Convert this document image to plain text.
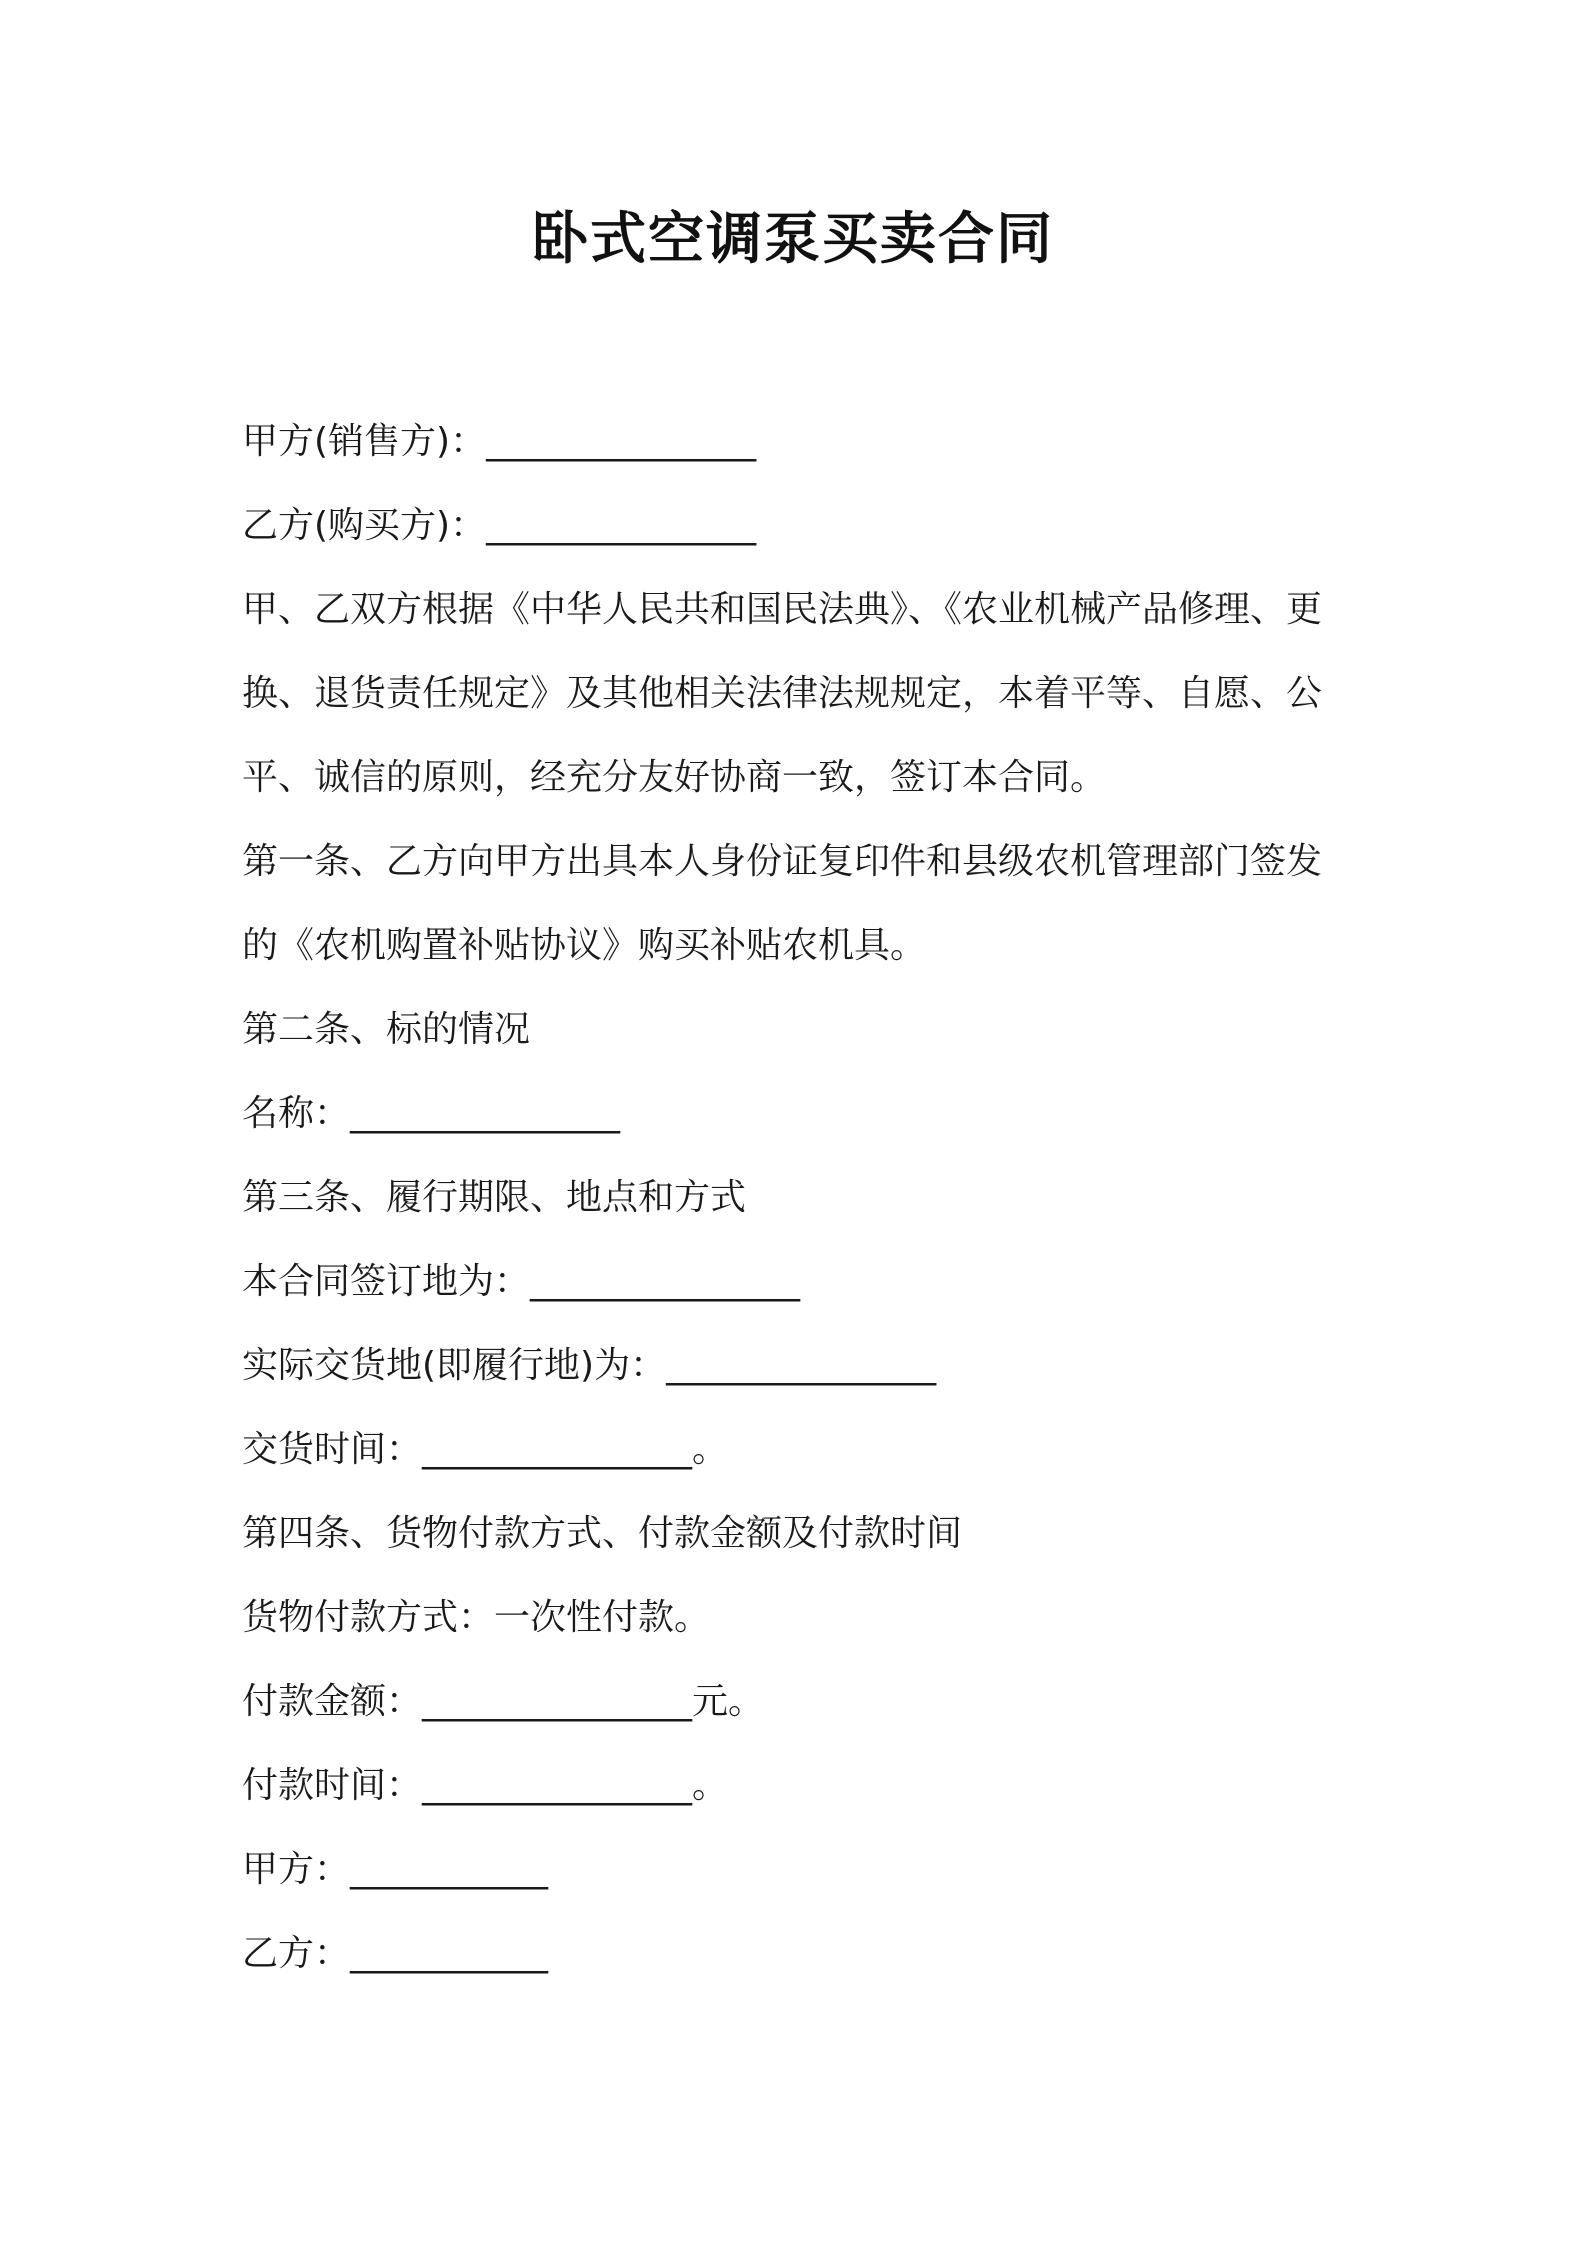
卧式空调泵买卖合同
甲方(销售方)：_______________
乙方(购买方)：_______________
甲、乙双方根据《中华人民共和国民法典》、《农业机械产品修理、更
换、退货责任规定》及其他相关法律法规规定，本着平等、自愿、公
平、诚信的原则，经充分友好协商一致，签订本合同。
第一条、乙方向甲方出具本人身份证复印件和县级农机管理部门签发
的《农机购置补贴协议》购买补贴农机具。
第二条、标的情况
名称：_______________
第三条、履行期限、地点和方式
本合同签订地为：_______________
实际交货地(即履行地)为：_______________
交货时间：_______________。
第四条、货物付款方式、付款金额及付款时间
货物付款方式：一次性付款。
付款金额：_______________元。
付款时间：_______________。
甲方：___________
乙方：___________
